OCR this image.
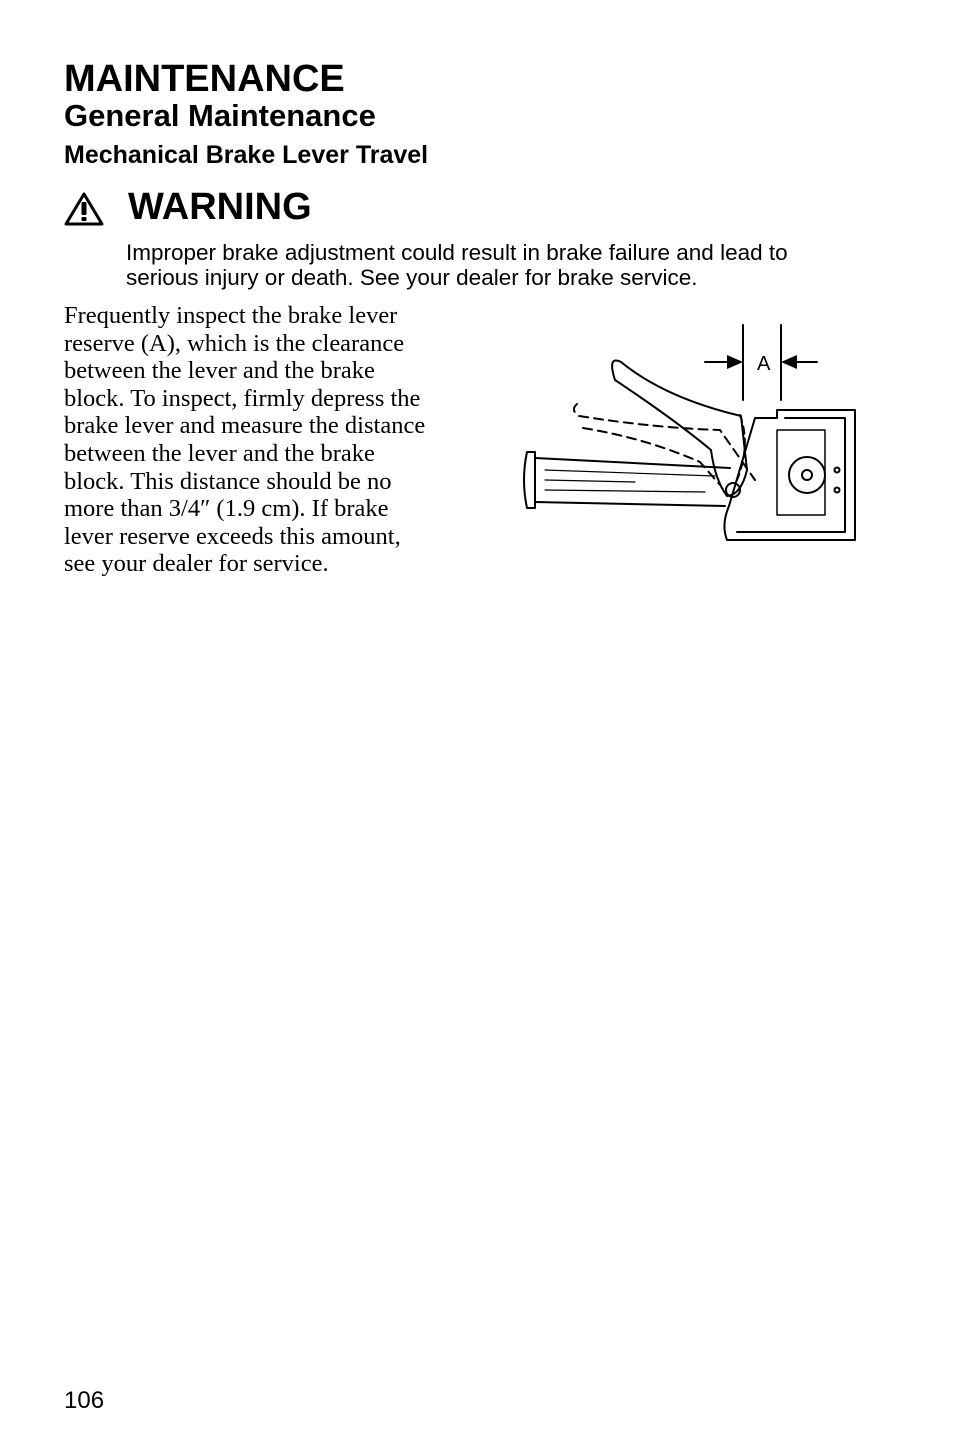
MAINTENANCE
General Maintenance
Mechanical Brake Lever Travel
WARNING

Improper brake adjustment could result in brake failure and lead to serious injury or death. See your dealer for brake service.

Frequently inspect the brake lever reserve (A), which is the clearance between the lever and the brake block. To inspect, firmly depress the brake lever and measure the distance between the lever and the brake block. This distance should be no more than 3/4″ (1.9 cm). If brake lever reserve exceeds this amount, see your dealer for service.

A
106
